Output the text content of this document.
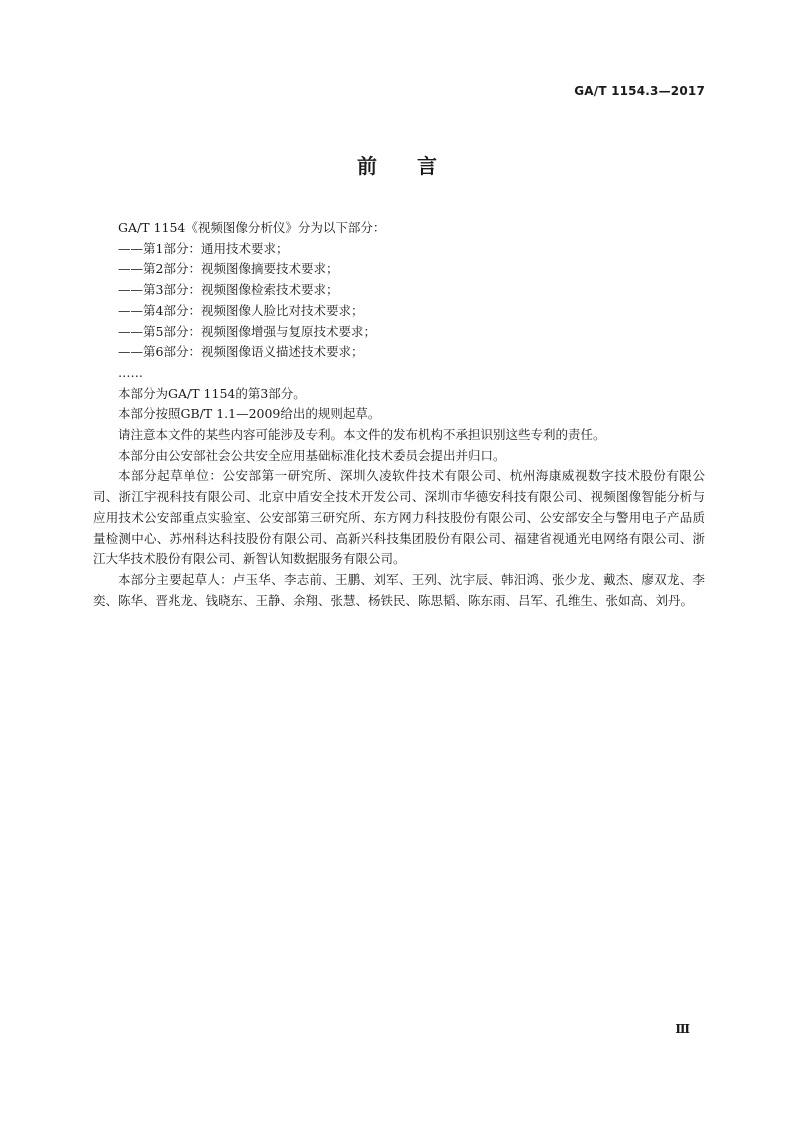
GA/T 1154.3—2017
前言

GA/T 1154《视频图像分析仪》分为以下部分：

——第1部分：通用技术要求；

——第2部分：视频图像摘要技术要求；

——第3部分：视频图像检索技术要求；

——第4部分：视频图像人脸比对技术要求；

——第5部分：视频图像增强与复原技术要求；

——第6部分：视频图像语义描述技术要求；

……

本部分为GA/T 1154的第3部分。

本部分按照GB/T 1.1—2009给出的规则起草。

请注意本文件的某些内容可能涉及专利。本文件的发布机构不承担识别这些专利的责任。

本部分由公安部社会公共安全应用基础标准化技术委员会提出并归口。

本部分起草单位：公安部第一研究所、深圳久凌软件技术有限公司、杭州海康威视数字技术股份有限公司、浙江宇视科技有限公司、北京中盾安全技术开发公司、深圳市华德安科技有限公司、视频图像智能分析与应用技术公安部重点实验室、公安部第三研究所、东方网力科技股份有限公司、公安部安全与警用电子产品质量检测中心、苏州科达科技股份有限公司、高新兴科技集团股份有限公司、福建省视通光电网络有限公司、浙江大华技术股份有限公司、新智认知数据服务有限公司。

本部分主要起草人：卢玉华、李志前、王鹏、刘军、王列、沈宇辰、韩汨鸿、张少龙、戴杰、廖双龙、李奕、陈华、晋兆龙、钱晓东、王静、余翔、张慧、杨铁民、陈思韬、陈东雨、吕军、孔维生、张如高、刘丹。

Ⅲ
